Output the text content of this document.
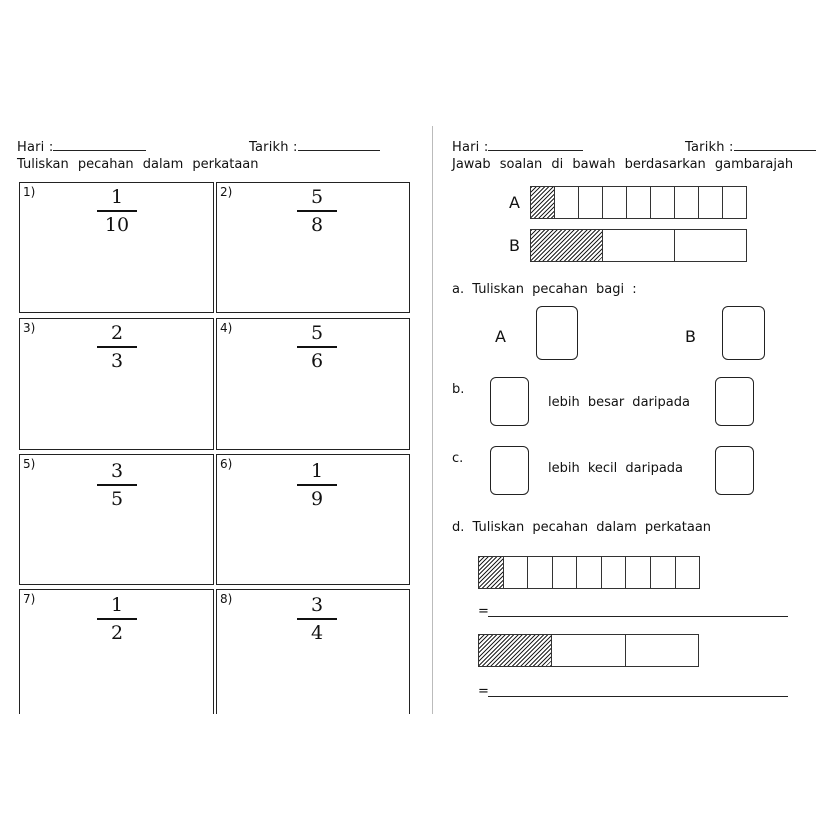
Hari :	Tarikh :
Tuliskan pecahan dalam perkataan
1)	1
10
2)	5
8
3)	2
3
4)	5
6
5)	3
5
6)	1
9
7)	1
2
8)	3
4
Hari :	Tarikh :
Jawab soalan di bawah berdasarkan gambarajah
A
B
a. Tuliskan pecahan bagi :
A	B
b.
lebih besar daripada
c.
lebih kecil daripada
d. Tuliskan pecahan dalam perkataan
=
=
